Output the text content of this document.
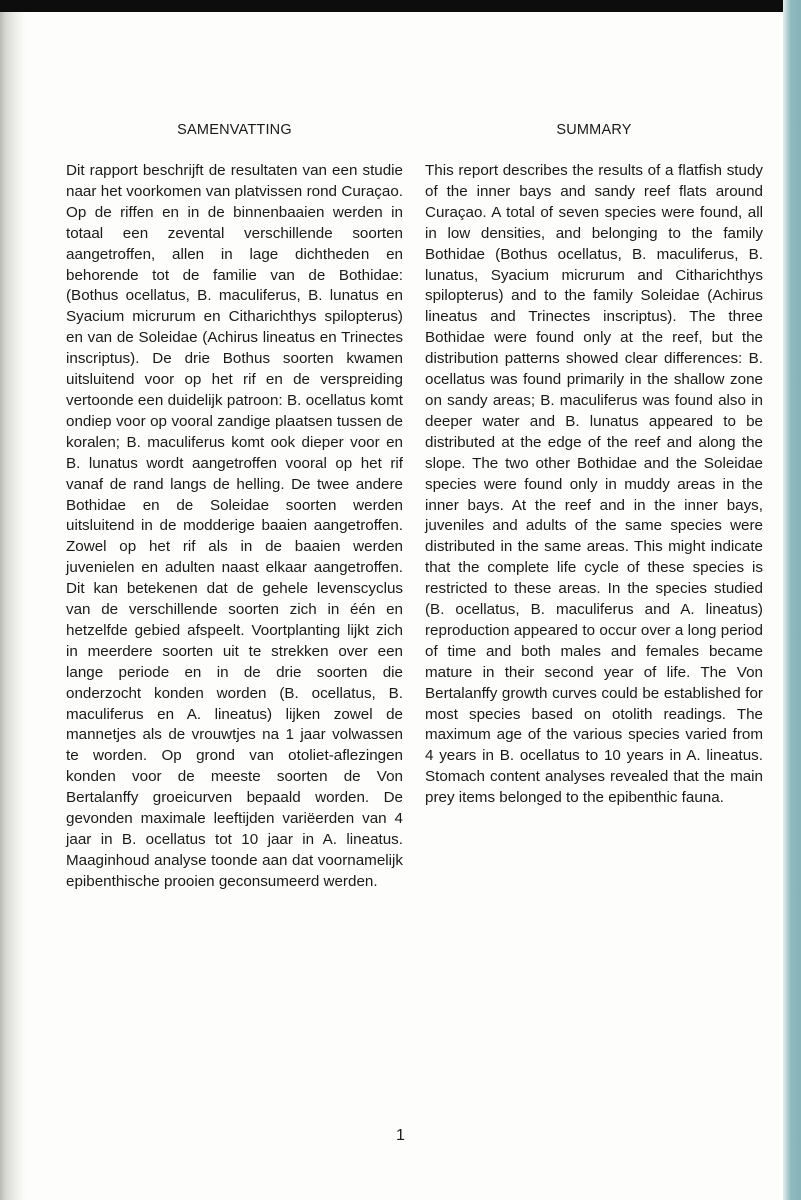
SAMENVATTING

Dit rapport beschrijft de resultaten van een studie naar het voorkomen van platvissen rond Curaçao. Op de riffen en in de binnenbaaien werden in totaal een zevental verschillende soorten aangetroffen, allen in lage dichtheden en behorende tot de familie van de Bothidae: (Bothus ocellatus, B. maculiferus, B. lunatus en Syacium micrurum en Citharichthys spilopterus) en van de Soleidae (Achirus lineatus en Trinectes inscriptus). De drie Bothus soorten kwamen uitsluitend voor op het rif en de verspreiding vertoonde een duidelijk patroon: B. ocellatus komt ondiep voor op vooral zandige plaatsen tussen de koralen; B. maculiferus komt ook dieper voor en B. lunatus wordt aangetroffen vooral op het rif vanaf de rand langs de helling. De twee andere Bothidae en de Soleidae soorten werden uitsluitend in de modderige baaien aangetroffen. Zowel op het rif als in de baaien werden juvenielen en adulten naast elkaar aangetroffen. Dit kan betekenen dat de gehele levenscyclus van de verschillende soorten zich in één en hetzelfde gebied afspeelt. Voortplanting lijkt zich in meerdere soorten uit te strekken over een lange periode en in de drie soorten die onderzocht konden worden (B. ocellatus, B. maculiferus en A. lineatus) lijken zowel de mannetjes als de vrouwtjes na 1 jaar volwassen te worden. Op grond van otoliet-aflezingen konden voor de meeste soorten de Von Bertalanffy groeicurven bepaald worden. De gevonden maximale leeftijden variëerden van 4 jaar in B. ocellatus tot 10 jaar in A. lineatus. Maaginhoud analyse toonde aan dat voornamelijk epibenthische prooien geconsumeerd werden.

SUMMARY

This report describes the results of a flatfish study of the inner bays and sandy reef flats around Curaçao. A total of seven species were found, all in low densities, and belonging to the family Bothidae (Bothus ocellatus, B. maculiferus, B. lunatus, Syacium micrurum and Citharichthys spilopterus) and to the family Soleidae (Achirus lineatus and Trinectes inscriptus). The three Bothidae were found only at the reef, but the distribution patterns showed clear differences: B. ocellatus was found primarily in the shallow zone on sandy areas; B. maculiferus was found also in deeper water and B. lunatus appeared to be distributed at the edge of the reef and along the slope. The two other Bothidae and the Soleidae species were found only in muddy areas in the inner bays. At the reef and in the inner bays, juveniles and adults of the same species were distributed in the same areas. This might indicate that the complete life cycle of these species is restricted to these areas. In the species studied (B. ocellatus, B. maculiferus and A. lineatus) reproduction appeared to occur over a long period of time and both males and females became mature in their second year of life. The Von Bertalanffy growth curves could be established for most species based on otolith readings. The maximum age of the various species varied from 4 years in B. ocellatus to 10 years in A. lineatus. Stomach content analyses revealed that the main prey items belonged to the epibenthic fauna.

1
